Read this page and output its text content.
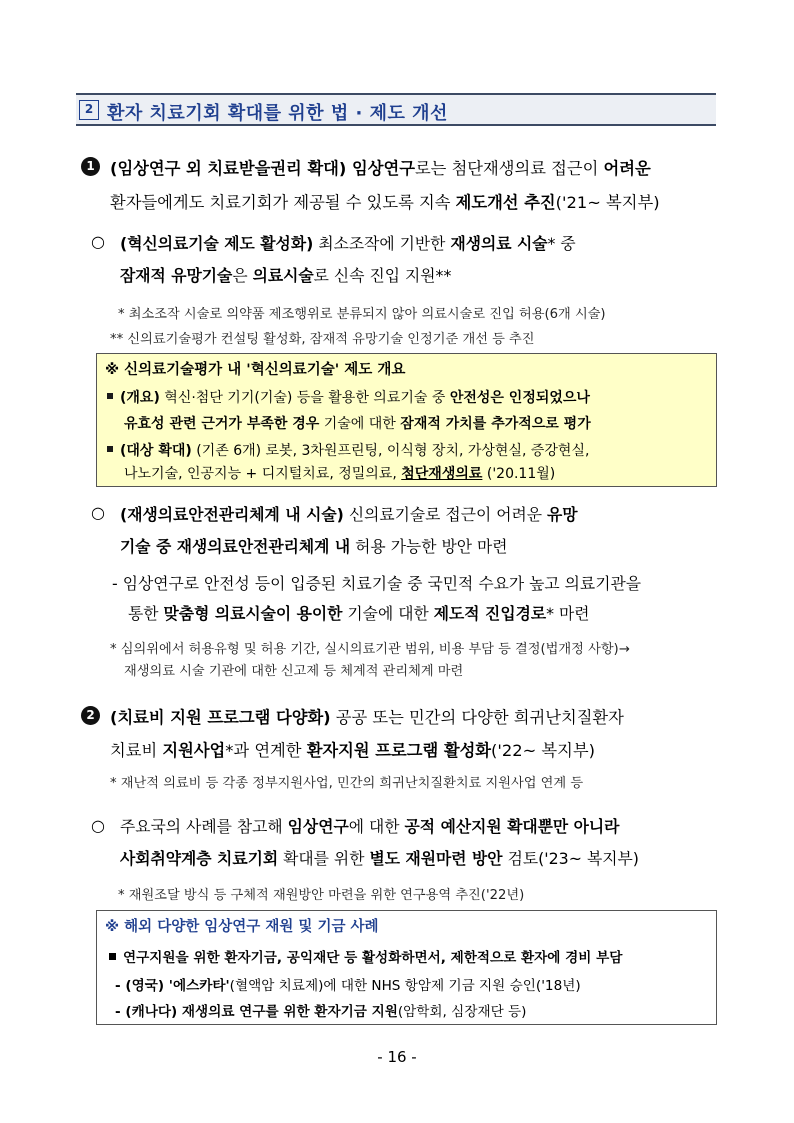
2 환자 치료기회 확대를 위한 법 · 제도 개선
1 (임상연구 외 치료받을권리 확대) 임상연구로는 첨단재생의료 접근이 어려운
환자들에게도 치료기회가 제공될 수 있도록 지속 제도개선 추진('21~ 복지부)
○ (혁신의료기술 제도 활성화) 최소조작에 기반한 재생의료 시술* 중
잠재적 유망기술은 의료시술로 신속 진입 지원**
* 최소조작 시술로 의약품 제조행위로 분류되지 않아 의료시술로 진입 허용(6개 시술)
** 신의료기술평가 컨설팅 활성화, 잠재적 유망기술 인정기준 개선 등 추진
※ 신의료기술평가 내 '혁신의료기술' 제도 개요
(개요) 혁신·첨단 기기(기술) 등을 활용한 의료기술 중 안전성은 인정되었으나
유효성 관련 근거가 부족한 경우 기술에 대한 잠재적 가치를 추가적으로 평가
(대상 확대) (기존 6개) 로봇, 3차원프린팅, 이식형 장치, 가상현실, 증강현실,
나노기술, 인공지능 + 디지털치료, 정밀의료, 첨단재생의료 ('20.11월)
○ (재생의료안전관리체계 내 시술) 신의료기술로 접근이 어려운 유망
기술 중 재생의료안전관리체계 내 허용 가능한 방안 마련
- 임상연구로 안전성 등이 입증된 치료기술 중 국민적 수요가 높고 의료기관을
통한 맞춤형 의료시술이 용이한 기술에 대한 제도적 진입경로* 마련
* 심의위에서 허용유형 및 허용 기간, 실시의료기관 범위, 비용 부담 등 결정(법개정 사항)→
재생의료 시술 기관에 대한 신고제 등 체계적 관리체계 마련
2 (치료비 지원 프로그램 다양화) 공공 또는 민간의 다양한 희귀난치질환자
치료비 지원사업*과 연계한 환자지원 프로그램 활성화('22~ 복지부)
* 재난적 의료비 등 각종 정부지원사업, 민간의 희귀난치질환치료 지원사업 연계 등
○ 주요국의 사례를 참고해 임상연구에 대한 공적 예산지원 확대뿐만 아니라
사회취약계층 치료기회 확대를 위한 별도 재원마련 방안 검토('23~ 복지부)
* 재원조달 방식 등 구체적 재원방안 마련을 위한 연구용역 추진('22년)
※ 해외 다양한 임상연구 재원 및 기금 사례
연구지원을 위한 환자기금, 공익재단 등 활성화하면서, 제한적으로 환자에 경비 부담
- (영국) '에스카타'(혈액암 치료제)에 대한 NHS 항암제 기금 지원 승인('18년)
- (캐나다) 재생의료 연구를 위한 환자기금 지원(암학회, 심장재단 등)
- 16 -
